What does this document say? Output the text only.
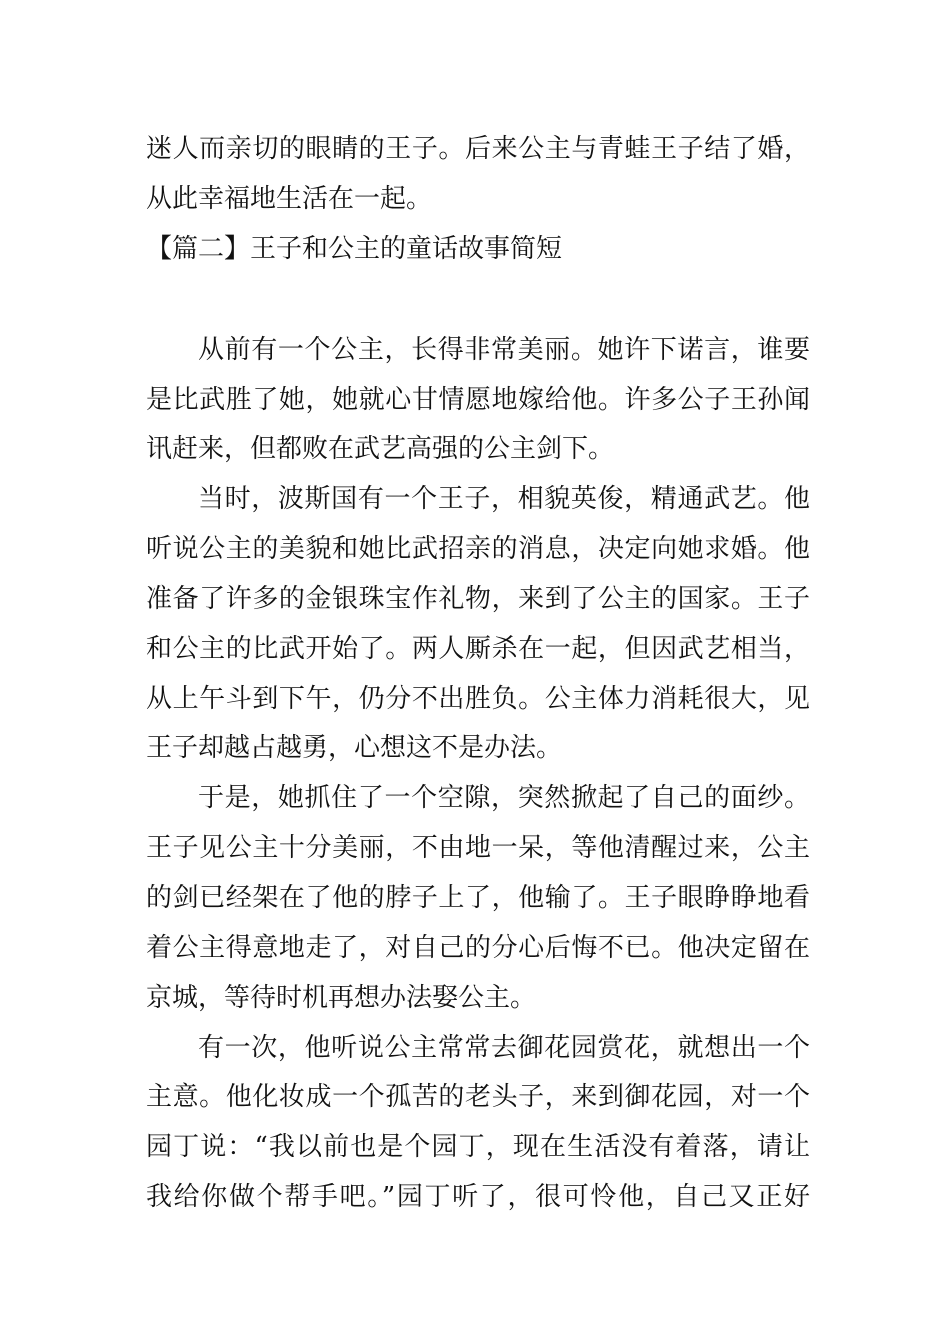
迷人而亲切的眼睛的王子。后来公主与青蛙王子结了婚，
从此幸福地生活在一起。
【篇二】王子和公主的童话故事简短
从前有一个公主，长得非常美丽。她许下诺言，谁要
是比武胜了她，她就心甘情愿地嫁给他。许多公子王孙闻
讯赶来，但都败在武艺高强的公主剑下。
当时，波斯国有一个王子，相貌英俊，精通武艺。他
听说公主的美貌和她比武招亲的消息，决定向她求婚。他
准备了许多的金银珠宝作礼物，来到了公主的国家。王子
和公主的比武开始了。两人厮杀在一起，但因武艺相当，
从上午斗到下午，仍分不出胜负。公主体力消耗很大，见
王子却越占越勇，心想这不是办法。
于是，她抓住了一个空隙，突然掀起了自己的面纱。
王子见公主十分美丽，不由地一呆，等他清醒过来，公主
的剑已经架在了他的脖子上了，他输了。王子眼睁睁地看
着公主得意地走了，对自己的分心后悔不已。他决定留在
京城，等待时机再想办法娶公主。
有一次，他听说公主常常去御花园赏花，就想出一个
主意。他化妆成一个孤苦的老头子，来到御花园，对一个
园丁说：“我以前也是个园丁，现在生活没有着落，请让
我给你做个帮手吧。”园丁听了，很可怜他，自己又正好
